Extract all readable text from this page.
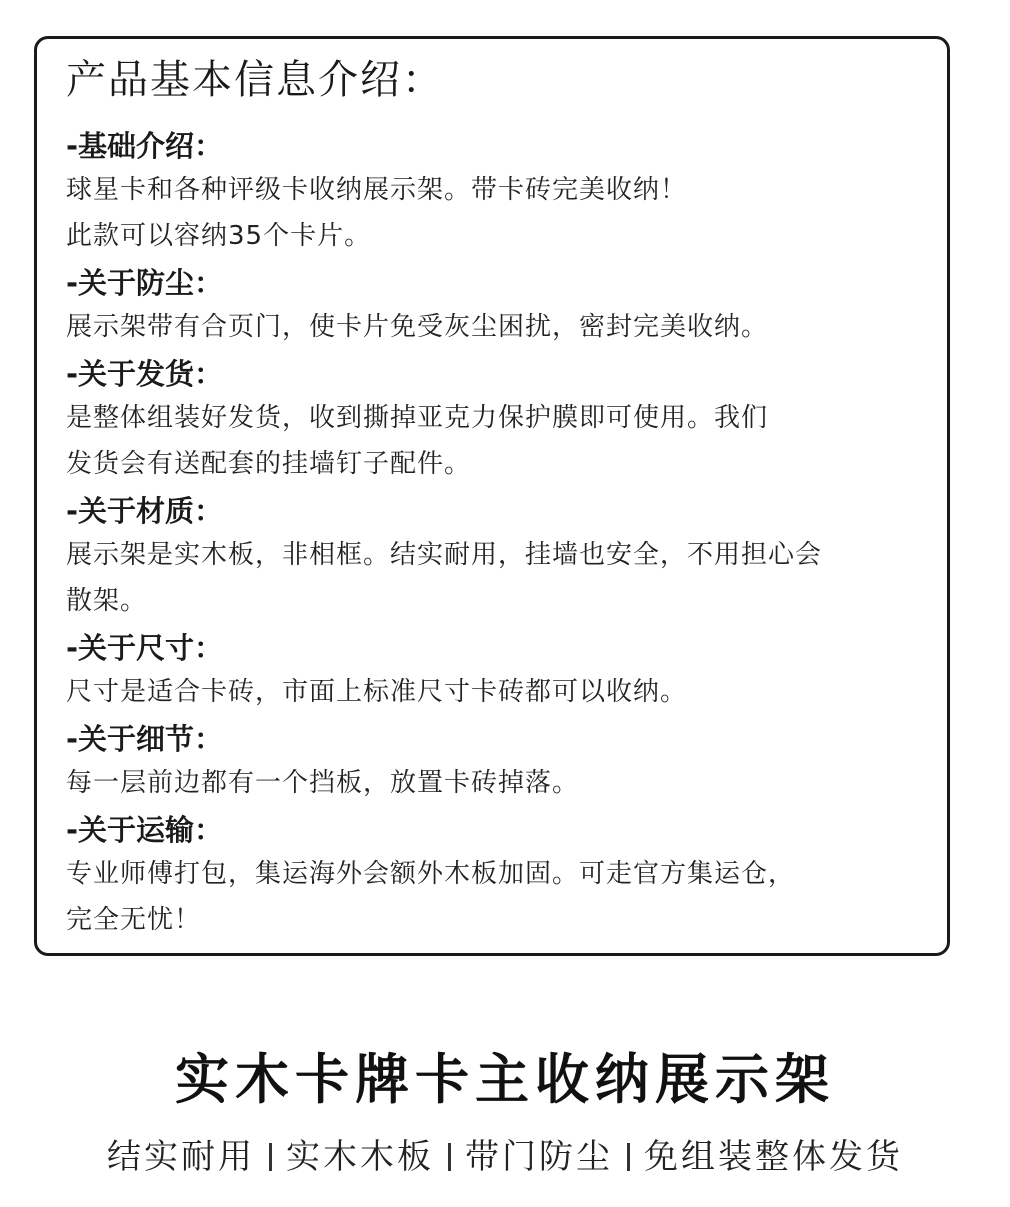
产品基本信息介绍：
-基础介绍：

球星卡和各种评级卡收纳展示架。带卡砖完美收纳！

此款可以容纳35个卡片。

-关于防尘：

展示架带有合页门，使卡片免受灰尘困扰，密封完美收纳。

-关于发货：

是整体组装好发货，收到撕掉亚克力保护膜即可使用。我们

发货会有送配套的挂墙钉子配件。

-关于材质：

展示架是实木板，非相框。结实耐用，挂墙也安全，不用担心会

散架。

-关于尺寸：

尺寸是适合卡砖，市面上标准尺寸卡砖都可以收纳。

-关于细节：

每一层前边都有一个挡板，放置卡砖掉落。

-关于运输：

专业师傅打包，集运海外会额外木板加固。可走官方集运仓，

完全无忧！

实木卡牌卡主收纳展示架
结实耐用 实木木板 带门防尘 免组装整体发货
